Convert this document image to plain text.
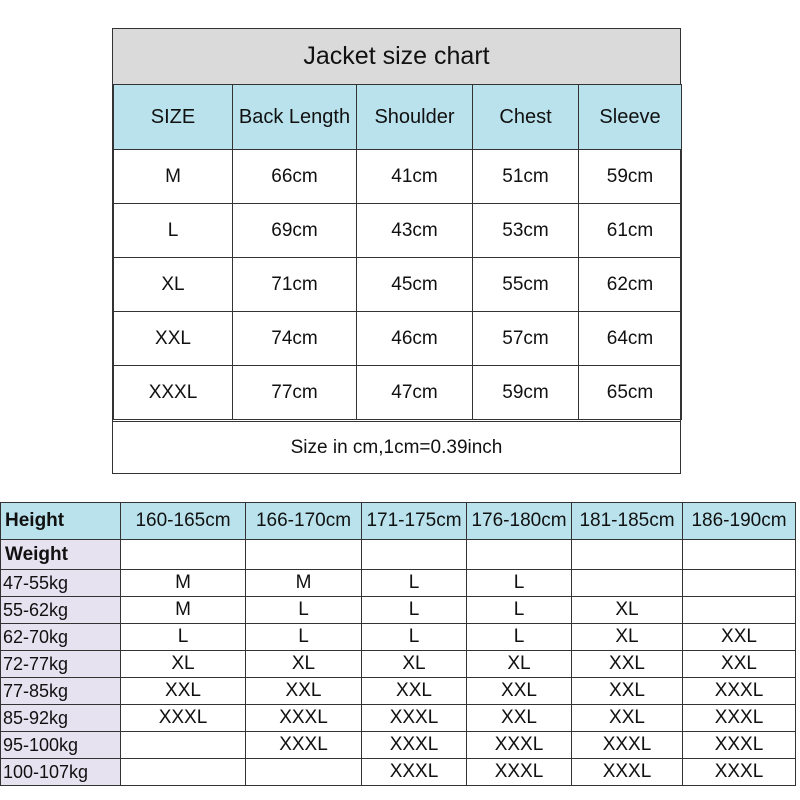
Jacket size chart
SIZE	Back Length	Shoulder	Chest	Sleeve
M	66cm	41cm	51cm	59cm
L	69cm	43cm	53cm	61cm
XL	71cm	45cm	55cm	62cm
XXL	74cm	46cm	57cm	64cm
XXXL	77cm	47cm	59cm	65cm
Size in cm,1cm=0.39inch
Height	160-165cm	166-170cm	171-175cm	176-180cm	181-185cm	186-190cm
Weight						
47-55kg	M	M	L	L		
55-62kg	M	L	L	L	XL	
62-70kg	L	L	L	L	XL	XXL
72-77kg	XL	XL	XL	XL	XXL	XXL
77-85kg	XXL	XXL	XXL	XXL	XXL	XXXL
85-92kg	XXXL	XXXL	XXXL	XXL	XXL	XXXL
95-100kg		XXXL	XXXL	XXXL	XXXL	XXXL
100-107kg			XXXL	XXXL	XXXL	XXXL
